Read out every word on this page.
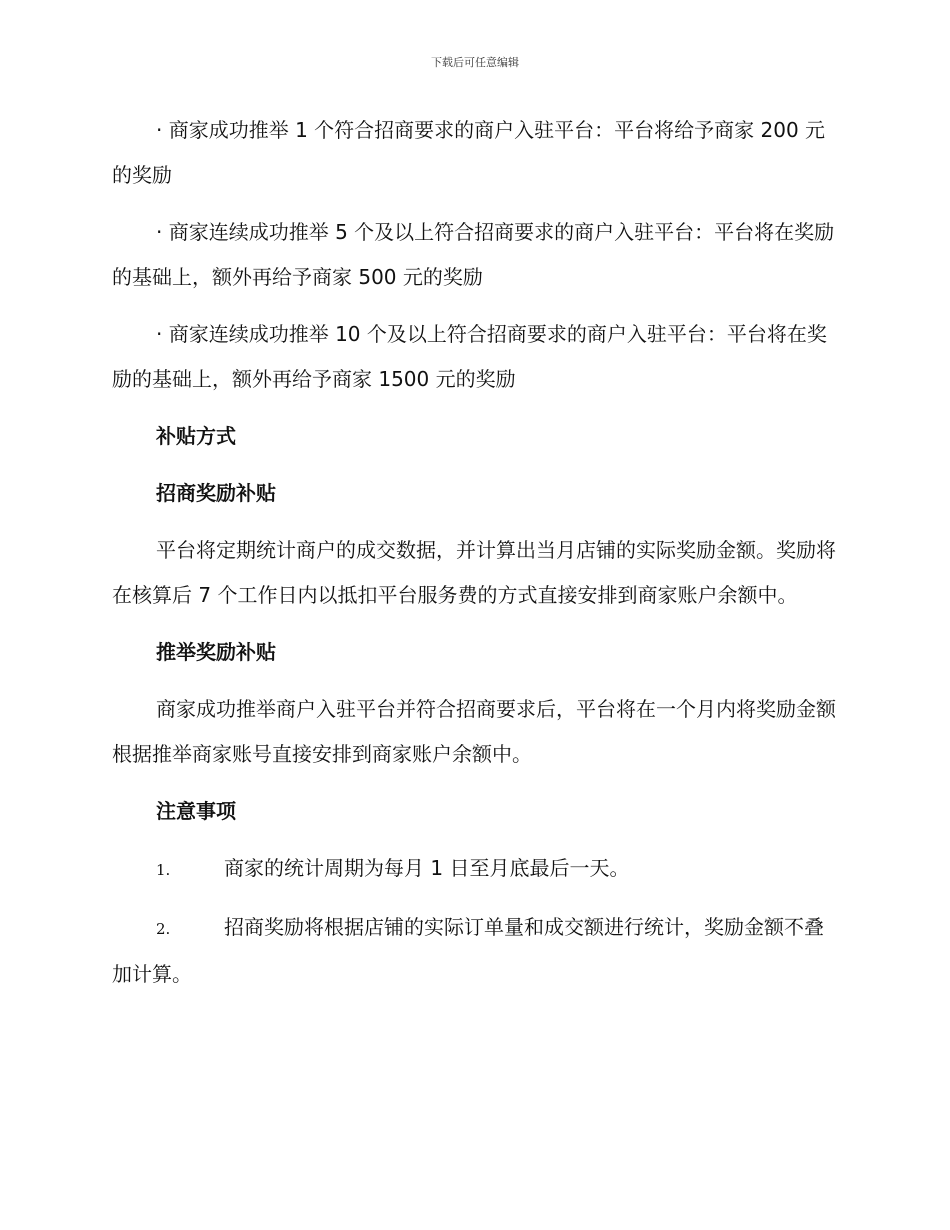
下载后可任意编辑
· 商家成功推举 1 个符合招商要求的商户入驻平台：平台将给予商家 200 元的奖励
· 商家连续成功推举 5 个及以上符合招商要求的商户入驻平台：平台将在奖励的基础上，额外再给予商家 500 元的奖励
· 商家连续成功推举 10 个及以上符合招商要求的商户入驻平台：平台将在奖励的基础上，额外再给予商家 1500 元的奖励
补贴方式
招商奖励补贴
平台将定期统计商户的成交数据，并计算出当月店铺的实际奖励金额。奖励将在核算后 7 个工作日内以抵扣平台服务费的方式直接安排到商家账户余额中。
推举奖励补贴
商家成功推举商户入驻平台并符合招商要求后，平台将在一个月内将奖励金额根据推举商家账号直接安排到商家账户余额中。
注意事项
1.	商家的统计周期为每月 1 日至月底最后一天。
2.	招商奖励将根据店铺的实际订单量和成交额进行统计，奖励金额不叠加计算。
